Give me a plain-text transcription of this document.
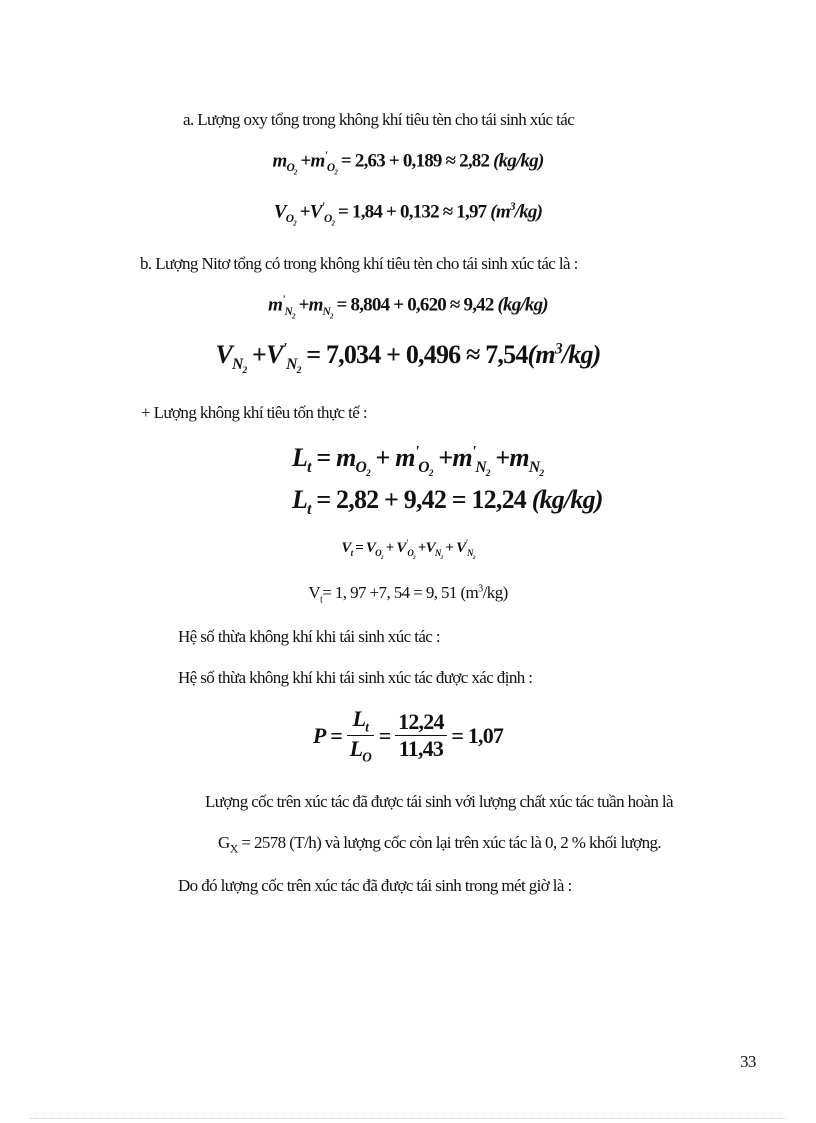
a. Lượng oxy tổng trong không khí tiêu tèn cho tái sinh xúc tác
$m_{O_2} +m'_{O_2} = 2,63 + 0,189 \approx 2,82$ (kg/kg)
$V_{O_2} +V'_{O_2} = 1,84 + 0,132 \approx 1,97$ $(m^3/kg)$
b. Lượng Nitơ tổng có trong không khí tiêu tèn cho tái sinh xúc tác là :
$m'_{N_2} +m_{N_2} = 8,804 + 0,620 \approx 9,42$ (kg/kg)
$V_{N_2} +V'_{N_2} = 7,034 + 0,496 \approx 7,54(m^3/kg)$
+ Lượng không khí tiêu tốn thực tế :
$L_t = m_{O_2} + m'_{O_2} +m'_{N_2} +m_{N_2}$
$L_t = 2,82 + 9,42 = 12,24$ (kg/kg)
$V_t = V_{O_2} + V'_{O_2} +V_{N_2} + V'_{N_2}$
$V_t= 1$, 97 +7, 54 = 9, 51 $(m^3/kg)$
Hệ số thừa không khí khi tái sinh xúc tác :
Hệ số thừa không khí khi tái sinh xúc tác được xác định :
$P = \frac{L_t}{L_O} = \frac{12,24}{11,43} = 1,07$
Lượng cốc trên xúc tác đã được tái sinh với lượng chất xúc tác tuần hoàn là
$G_X = 2578$ (T/h) và lượng cốc còn lại trên xúc tác là 0, 2 % khối lượng.
Do đó lượng cốc trên xúc tác đã được tái sinh trong mét giờ là :
33
